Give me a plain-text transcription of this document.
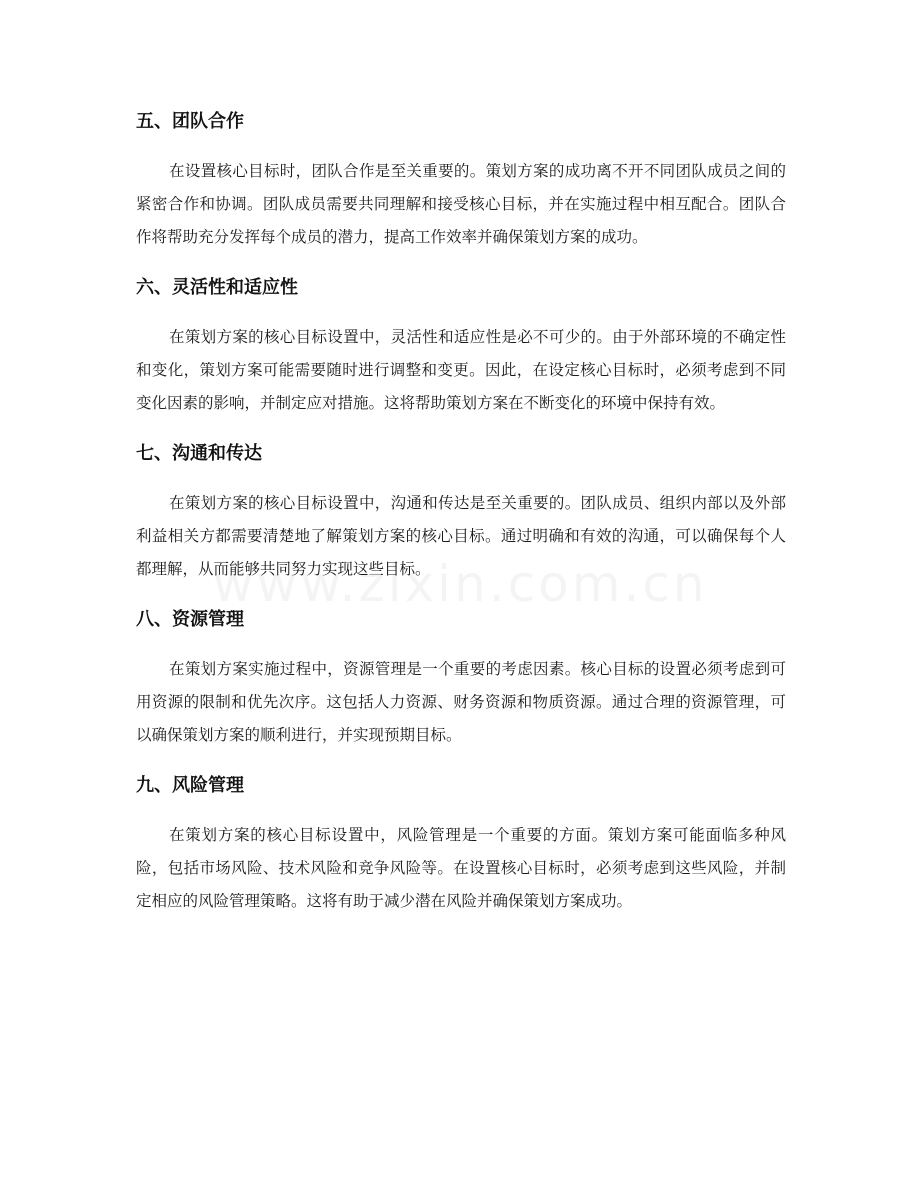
五、团队合作

在设置核心目标时，团队合作是至关重要的。策划方案的成功离不开不同团队成员之间的紧密合作和协调。团队成员需要共同理解和接受核心目标，并在实施过程中相互配合。团队合作将帮助充分发挥每个成员的潜力，提高工作效率并确保策划方案的成功。

六、灵活性和适应性

在策划方案的核心目标设置中，灵活性和适应性是必不可少的。由于外部环境的不确定性和变化，策划方案可能需要随时进行调整和变更。因此，在设定核心目标时，必须考虑到不同变化因素的影响，并制定应对措施。这将帮助策划方案在不断变化的环境中保持有效。

七、沟通和传达

在策划方案的核心目标设置中，沟通和传达是至关重要的。团队成员、组织内部以及外部利益相关方都需要清楚地了解策划方案的核心目标。通过明确和有效的沟通，可以确保每个人都理解，从而能够共同努力实现这些目标。

八、资源管理

在策划方案实施过程中，资源管理是一个重要的考虑因素。核心目标的设置必须考虑到可用资源的限制和优先次序。这包括人力资源、财务资源和物质资源。通过合理的资源管理，可以确保策划方案的顺利进行，并实现预期目标。

九、风险管理

在策划方案的核心目标设置中，风险管理是一个重要的方面。策划方案可能面临多种风险，包括市场风险、技术风险和竞争风险等。在设置核心目标时，必须考虑到这些风险，并制定相应的风险管理策略。这将有助于减少潜在风险并确保策划方案成功。
